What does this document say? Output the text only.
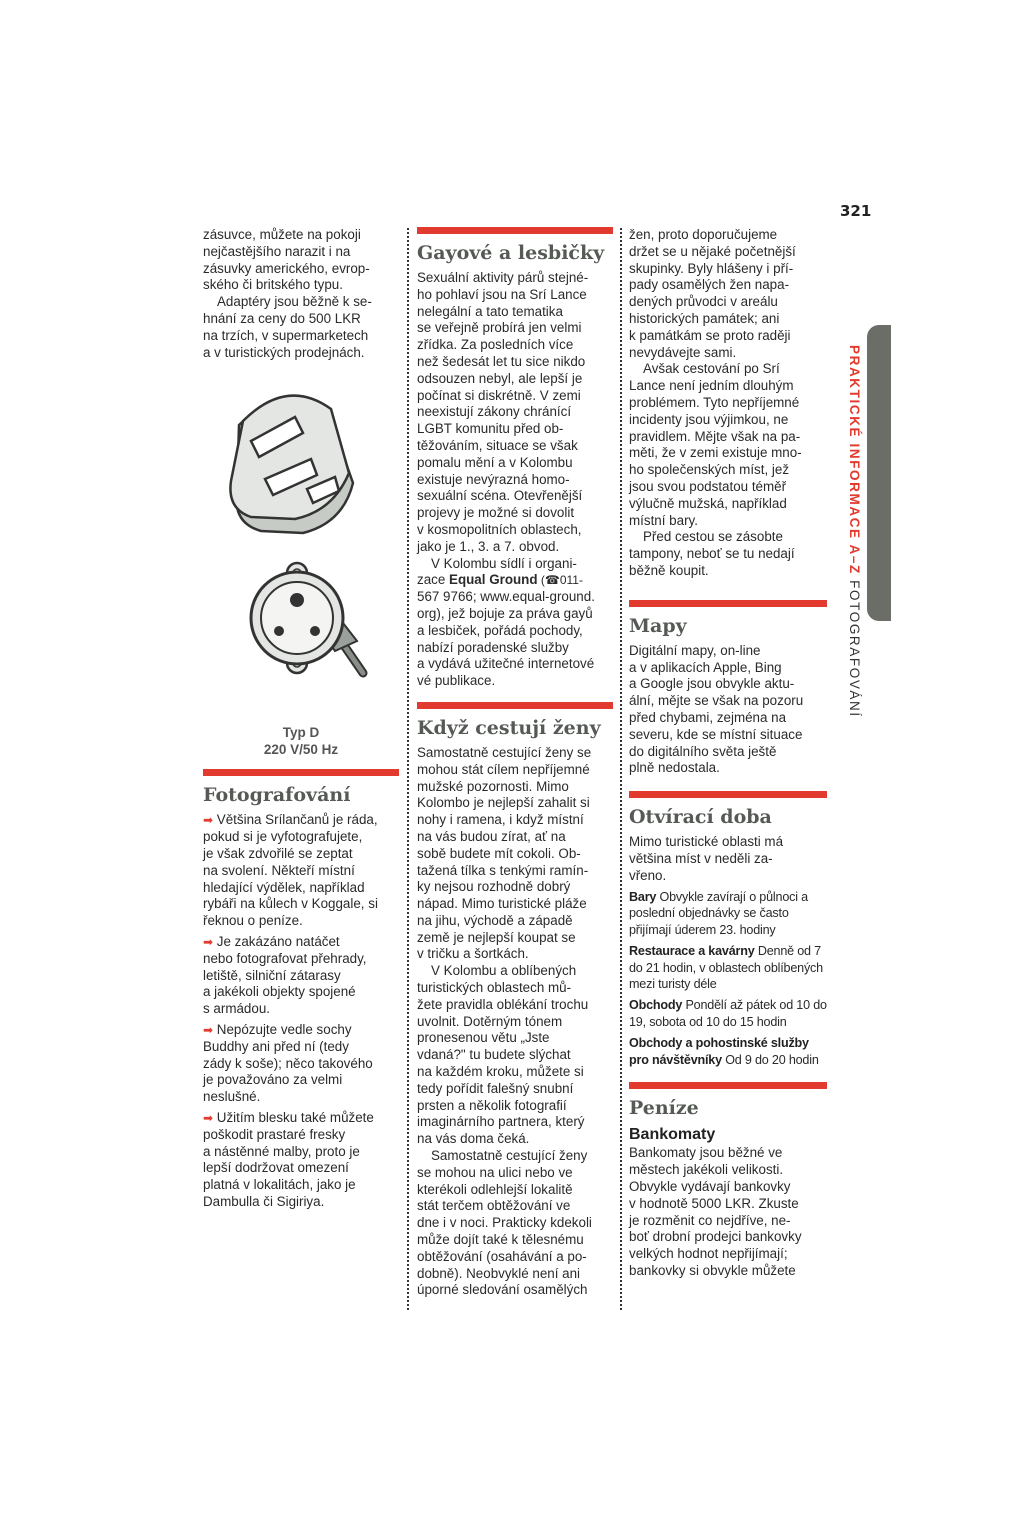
321
PRAKTICKÉ INFORMACE A–Z FOTOGRAFOVÁNÍ

zásuvce, můžete na pokoji
nejčastějšího narazit i na
zásuvky amerického, evrop-
ského či britského typu.

Adaptéry jsou běžně k se-
hnání za ceny do 500 LKR
na trzích, v supermarketech
a v turistických prodejnách.

Typ D
220 V/50 Hz
Fotografování

➡ Většina Srílančanů je ráda,
pokud si je vyfotografujete,
je však zdvořilé se zeptat
na svolení. Někteří místní
hledající výdělek, například
rybáři na kůlech v Koggale, si
řeknou o peníze.

➡ Je zakázáno natáčet
nebo fotografovat přehrady,
letiště, silniční zátarasy
a jakékoli objekty spojené
s armádou.

➡ Nepózujte vedle sochy
Buddhy ani před ní (tedy
zády k soše); něco takového
je považováno za velmi
neslušné.

➡ Užitím blesku také můžete
poškodit prastaré fresky
a nástěnné malby, proto je
lepší dodržovat omezení
platná v lokalitách, jako je
Dambulla či Sigiriya.

Gayové a lesbičky

Sexuální aktivity párů stejné-
ho pohlaví jsou na Srí Lance
nelegální a tato tematika
se veřejně probírá jen velmi
zřídka. Za posledních více
než šedesát let tu sice nikdo
odsouzen nebyl, ale lepší je
počínat si diskrétně. V zemi
neexistují zákony chránící
LGBT komunitu před ob-
těžováním, situace se však
pomalu mění a v Kolombu
existuje nevýrazná homo-
sexuální scéna. Otevřenější
projevy je možné si dovolit
v kosmopolitních oblastech,
jako je 1., 3. a 7. obvod.

V Kolombu sídlí i organi-
zace Equal Ground (☎011-
567 9766; www.equal-ground.
org), jež bojuje za práva gayů
a lesbiček, pořádá pochody,
nabízí poradenské služby
a vydává užitečné internetové
vé publikace.

Když cestují ženy

Samostatně cestující ženy se
mohou stát cílem nepříjemné
mužské pozornosti. Mimo
Kolombo je nejlepší zahalit si
nohy i ramena, i když místní
na vás budou zírat, ať na
sobě budete mít cokoli. Ob-
tažená tílka s tenkými ramín-
ky nejsou rozhodně dobrý
nápad. Mimo turistické pláže
na jihu, východě a západě
země je nejlepší koupat se
v tričku a šortkách.

V Kolombu a oblíbených
turistických oblastech mů-
žete pravidla oblékání trochu
uvolnit. Dotěrným tónem
pronesenou větu „Jste
vdaná?" tu budete slýchat
na každém kroku, můžete si
tedy pořídit falešný snubní
prsten a několik fotografií
imaginárního partnera, který
na vás doma čeká.

Samostatně cestující ženy
se mohou na ulici nebo ve
kterékoli odlehlejší lokalitě
stát terčem obtěžování ve
dne i v noci. Prakticky kdekoli
může dojít také k tělesnému
obtěžování (osahávání a po-
dobně). Neobvyklé není ani
úporné sledování osamělých

žen, proto doporučujeme
držet se u nějaké početnější
skupinky. Byly hlášeny i pří-
pady osamělých žen napa-
dených průvodci v areálu
historických památek; ani
k památkám se proto raději
nevydávejte sami.

Avšak cestování po Srí
Lance není jedním dlouhým
problémem. Tyto nepříjemné
incidenty jsou výjimkou, ne
pravidlem. Mějte však na pa-
měti, že v zemi existuje mno-
ho společenských míst, jež
jsou svou podstatou téměř
výlučně mužská, například
místní bary.

Před cestou se zásobte
tampony, neboť se tu nedají
běžně koupit.

Mapy

Digitální mapy, on-line
a v aplikacích Apple, Bing
a Google jsou obvykle aktu-
ální, mějte se však na pozoru
před chybami, zejména na
severu, kde se místní situace
do digitálního světa ještě
plně nedostala.

Otvírací doba

Mimo turistické oblasti má
většina míst v neděli za-
vřeno.

Bary Obvykle zavírají o půlnoci a poslední objednávky se často přijímají úderem 23. hodiny

Restaurace a kavárny Denně od 7 do 21 hodin, v oblastech oblíbených mezi turisty déle

Obchody Pondělí až pátek od 10 do 19, sobota od 10 do 15 hodin

Obchody a pohostinské služby pro návštěvníky Od 9 do 20 hodin

Peníze
Bankomaty

Bankomaty jsou běžné ve
městech jakékoli velikosti.
Obvykle vydávají bankovky
v hodnotě 5000 LKR. Zkuste
je rozměnit co nejdříve, ne-
boť drobní prodejci bankovky
velkých hodnot nepřijímají;
bankovky si obvykle můžete
